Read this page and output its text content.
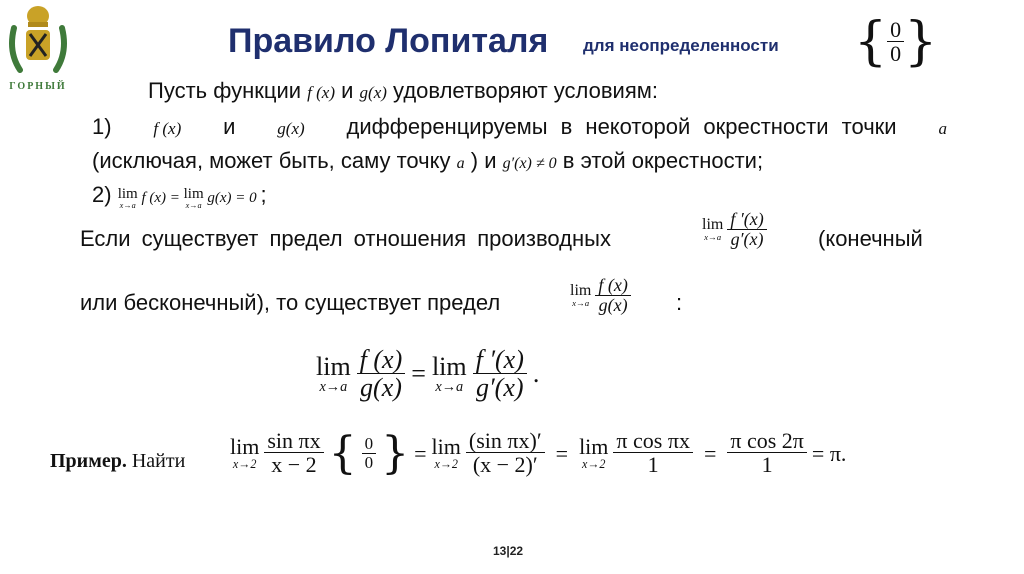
ГОРНЫЙ
Правило Лопиталя для неопределенности { $\frac{0}{0}$ }
Пусть функции f (x) и g(x) удовлетворяют условиям:
1) f (x) и g(x) дифференцируемы в некоторой окрестности точки a
(исключая, может быть, саму точку a ) и g′(x) ≠ 0 в этой окрестности;
2) lim
x→a f (x) = lim
x→a g(x) = 0 ;
Если существует предел отношения производных
lim
x→a
$\frac{f '(x)}{g'(x)}$ (конечный
или бесконечный), то существует предел	lim
x→a
$\frac{f (x)}{g(x)}$ :
lim
$x\to a \frac{f (x)}{g(x)} = \lim$
$x\to a \frac{f '(x)}{g'(x)}$ .
Пример. Найти
lim
$x\to 2 \frac{\text{sin πx}}{x - 2}$ { $\frac{0}{0}$ } = lim
$x\to 2 \frac{\text{(sin πx)′}}{(x - 2)'} = \lim$
$x\to 2 \frac{\text{π cos πx}}{1} = \frac{\text{π cos 2π}}{1} = \pi$.
13|22
